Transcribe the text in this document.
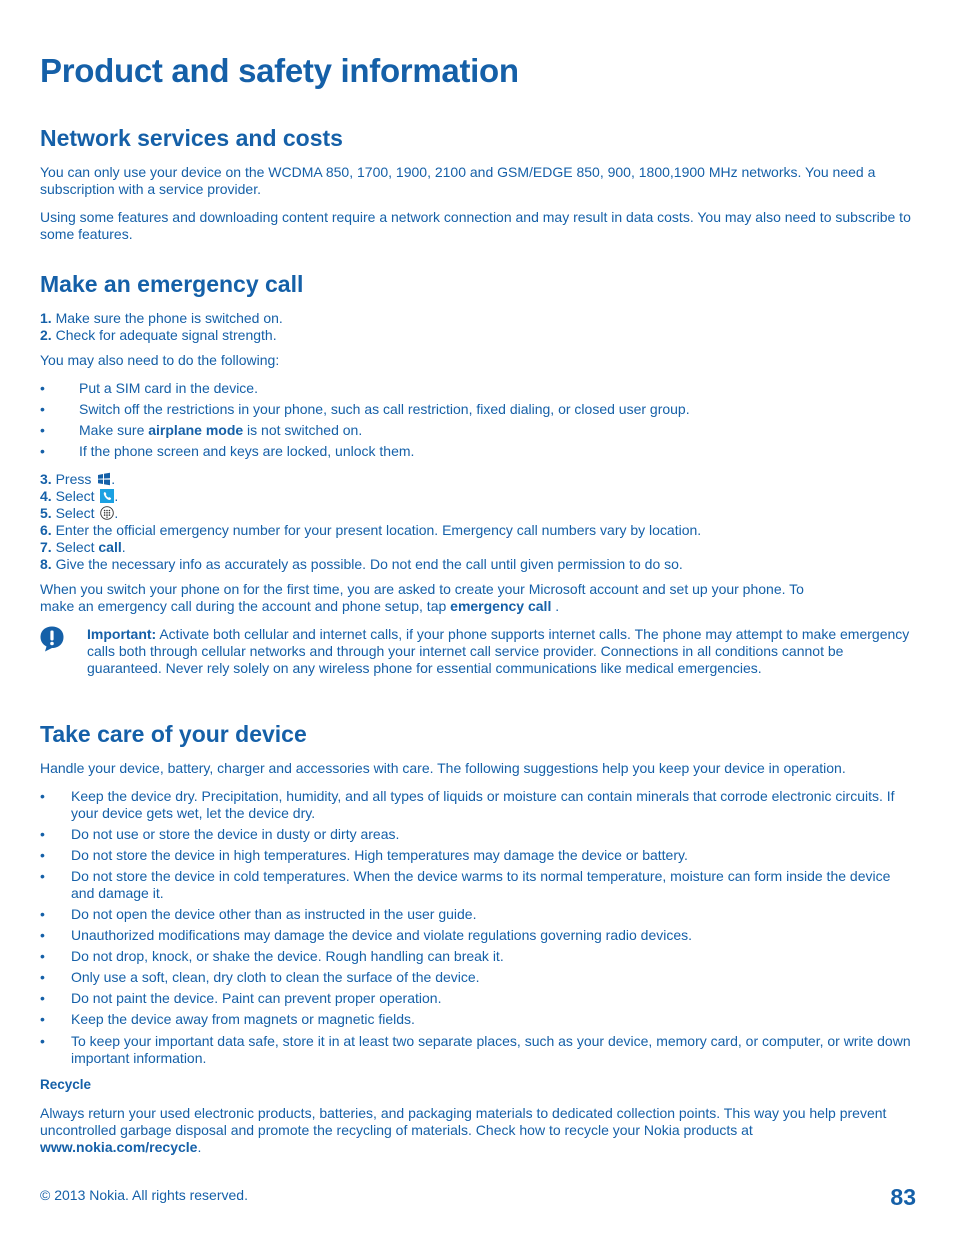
Product and safety information
Network services and costs

You can only use your device on the WCDMA 850, 1700, 1900, 2100 and GSM/EDGE 850, 900, 1800,1900 MHz networks. You need a subscription with a service provider.

Using some features and downloading content require a network connection and may result in data costs. You may also need to subscribe to some features.

Make an emergency call
1. Make sure the phone is switched on.
2. Check for adequate signal strength.
You may also need to do the following:
• Put a SIM card in the device.
• Switch off the restrictions in your phone, such as call restriction, fixed dialing, or closed user group.
• Make sure airplane mode is not switched on.
• If the phone screen and keys are locked, unlock them.
3. Press .
4. Select .
5. Select .
6. Enter the official emergency number for your present location. Emergency call numbers vary by location.
7. Select call.
8. Give the necessary info as accurately as possible. Do not end the call until given permission to do so.
When you switch your phone on for the first time, you are asked to create your Microsoft account and set up your phone. To
make an emergency call during the account and phone setup, tap emergency call .

Important: Activate both cellular and internet calls, if your phone supports internet calls. The phone may attempt to make emergency calls both through cellular networks and through your internet call service provider. Connections in all conditions cannot be guaranteed. Never rely solely on any wireless phone for essential communications like medical emergencies.

Take care of your device
Handle your device, battery, charger and accessories with care. The following suggestions help you keep your device in operation.
• Keep the device dry. Precipitation, humidity, and all types of liquids or moisture can contain minerals that corrode electronic circuits. If your device gets wet, let the device dry.
• Do not use or store the device in dusty or dirty areas.
• Do not store the device in high temperatures. High temperatures may damage the device or battery.
• Do not store the device in cold temperatures. When the device warms to its normal temperature, moisture can form inside the device and damage it.
• Do not open the device other than as instructed in the user guide.
• Unauthorized modifications may damage the device and violate regulations governing radio devices.
• Do not drop, knock, or shake the device. Rough handling can break it.
• Only use a soft, clean, dry cloth to clean the surface of the device.
• Do not paint the device. Paint can prevent proper operation.
• Keep the device away from magnets or magnetic fields.
• To keep your important data safe, store it in at least two separate places, such as your device, memory card, or computer, or write down important information.
Recycle

Always return your used electronic products, batteries, and packaging materials to dedicated collection points. This way you help prevent uncontrolled garbage disposal and promote the recycling of materials. Check how to recycle your Nokia products at www.nokia.com/recycle.

© 2013 Nokia. All rights reserved.	83
